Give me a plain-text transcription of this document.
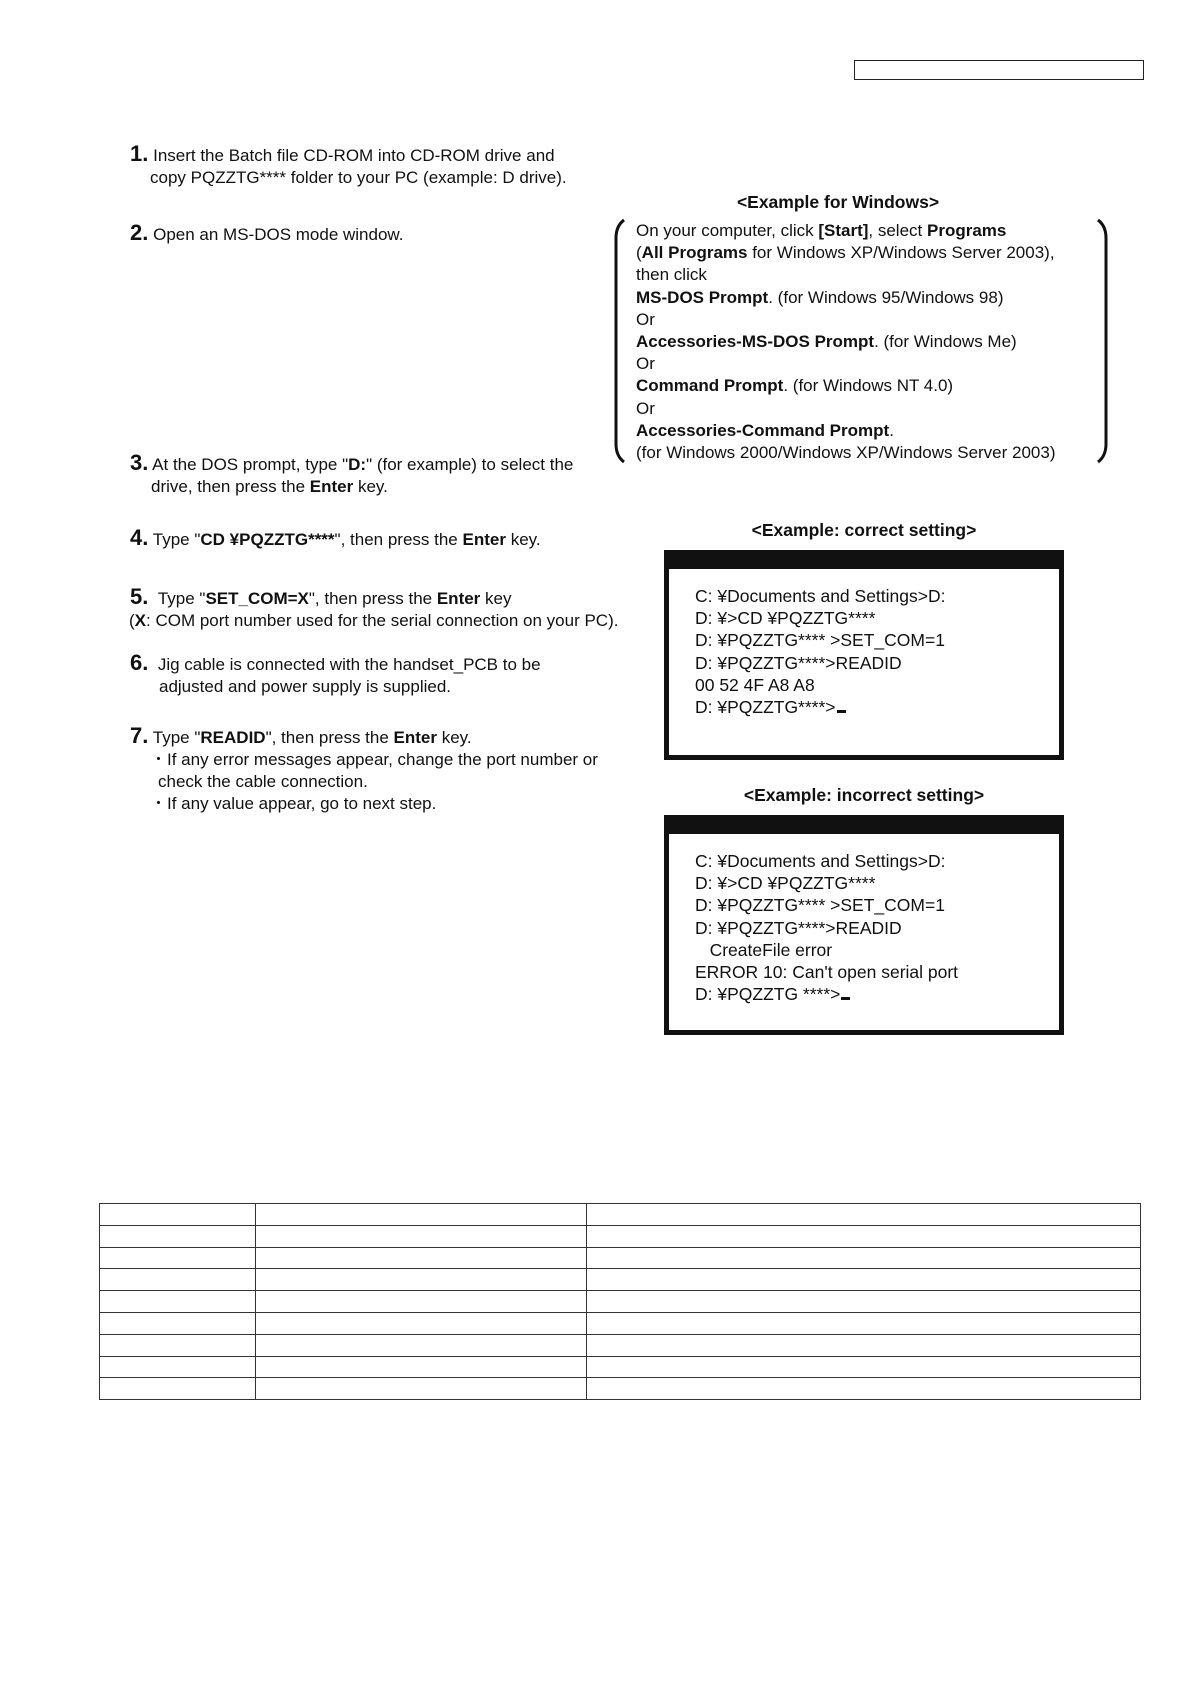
1. Insert the Batch file CD-ROM into CD-ROM drive and
copy PQZZTG**** folder to your PC (example: D drive).
2. Open an MS-DOS mode window.
3. At the DOS prompt, type "D:" (for example) to select the
drive, then press the Enter key.
4. Type "CD ¥PQZZTG****", then press the Enter key.
5. Type "SET_COM=X", then press the Enter key
(X: COM port number used for the serial connection on your PC).
6. Jig cable is connected with the handset_PCB to be
adjusted and power supply is supplied.
7. Type "READID", then press the Enter key.
・If any error messages appear, change the port number or
check the cable connection.
・If any value appear, go to next step.
<Example for Windows>
On your computer, click [Start], select Programs
(All Programs for Windows XP/Windows Server 2003),
then click
MS-DOS Prompt. (for Windows 95/Windows 98)
Or
Accessories-MS-DOS Prompt. (for Windows Me)
Or
Command Prompt. (for Windows NT 4.0)
Or
Accessories-Command Prompt.
(for Windows 2000/Windows XP/Windows Server 2003)
<Example: correct setting>
C: ¥Documents and Settings>D:
D: ¥>CD ¥PQZZTG****
D: ¥PQZZTG**** >SET_COM=1
D: ¥PQZZTG****>READID
00 52 4F A8 A8
D: ¥PQZZTG****>
<Example: incorrect setting>
C: ¥Documents and Settings>D:
D: ¥>CD ¥PQZZTG****
D: ¥PQZZTG**** >SET_COM=1
D: ¥PQZZTG****>READID
CreateFile error
ERROR 10: Can't open serial port
D: ¥PQZZTG ****>
